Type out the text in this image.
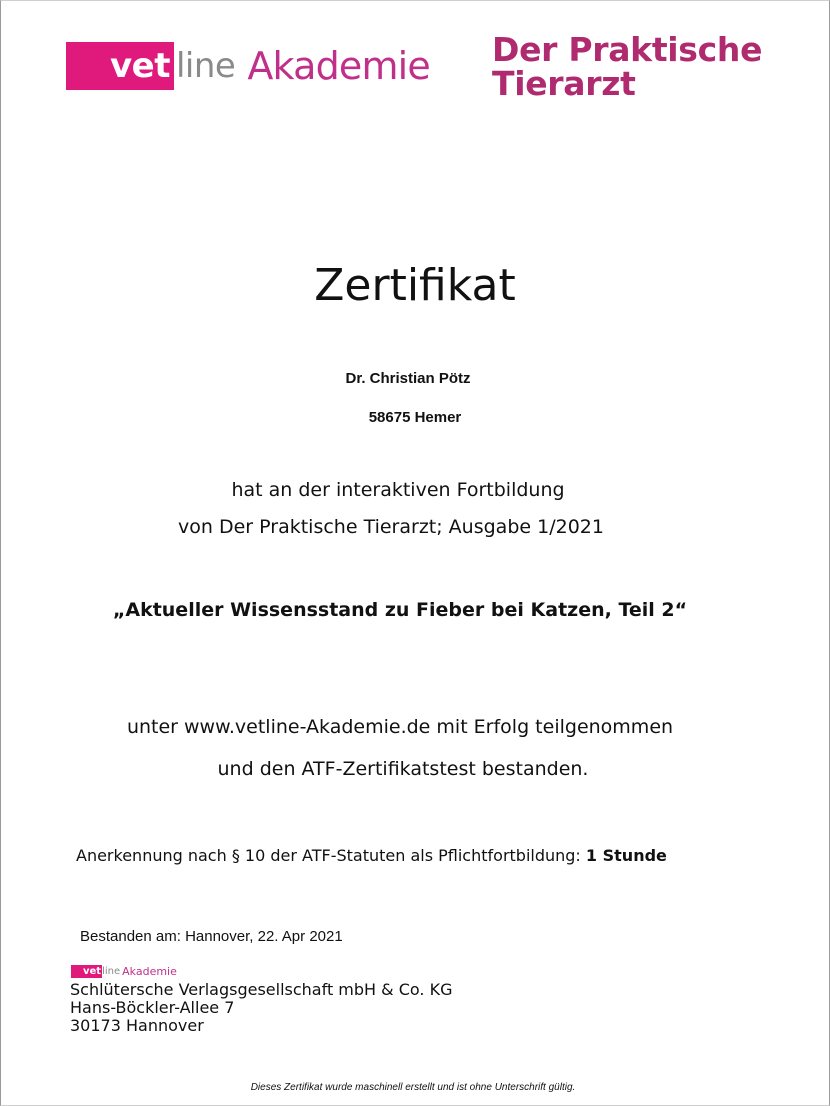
vet line Akademie Der Praktische
Tierarzt
Zertifikat
Dr. Christian Pötz
58675 Hemer
hat an der interaktiven Fortbildung
von Der Praktische Tierarzt; Ausgabe 1/2021
„Aktueller Wissensstand zu Fieber bei Katzen, Teil 2“
unter www.vetline-Akademie.de mit Erfolg teilgenommen
und den ATF-Zertifikatstest bestanden.
Anerkennung nach § 10 der ATF-Statuten als Pflichtfortbildung: 1 Stunde
Bestanden am: Hannover, 22. Apr 2021
vet line Akademie
Schlütersche Verlagsgesellschaft mbH & Co. KG
Hans-Böckler-Allee 7
30173 Hannover
Dieses Zertifikat wurde maschinell erstellt und ist ohne Unterschrift gültig.
